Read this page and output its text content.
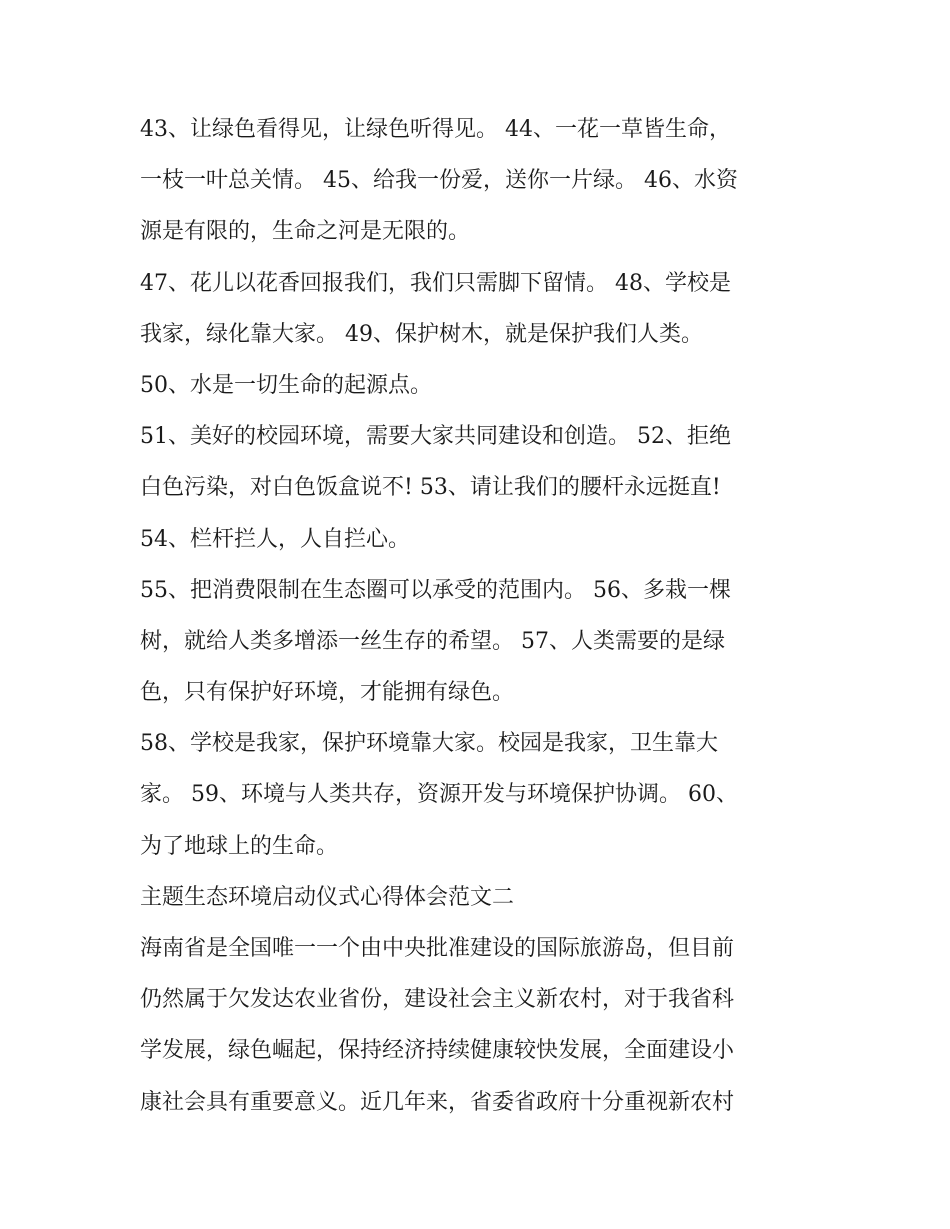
43、让绿色看得见，让绿色听得见。 44、一花一草皆生命，
一枝一叶总关情。 45、给我一份爱，送你一片绿。 46、水资
源是有限的，生命之河是无限的。
47、花儿以花香回报我们，我们只需脚下留情。 48、学校是
我家，绿化靠大家。 49、保护树木，就是保护我们人类。
50、水是一切生命的起源点。
51、美好的校园环境，需要大家共同建设和创造。 52、拒绝
白色污染，对白色饭盒说不! 53、请让我们的腰杆永远挺直!
54、栏杆拦人，人自拦心。
55、把消费限制在生态圈可以承受的范围内。 56、多栽一棵
树，就给人类多增添一丝生存的希望。 57、人类需要的是绿
色，只有保护好环境，才能拥有绿色。
58、学校是我家，保护环境靠大家。校园是我家，卫生靠大
家。 59、环境与人类共存，资源开发与环境保护协调。 60、
为了地球上的生命。
主题生态环境启动仪式心得体会范文二
海南省是全国唯一一个由中央批准建设的国际旅游岛，但目前
仍然属于欠发达农业省份，建设社会主义新农村，对于我省科
学发展，绿色崛起，保持经济持续健康较快发展，全面建设小
康社会具有重要意义。近几年来，省委省政府十分重视新农村
